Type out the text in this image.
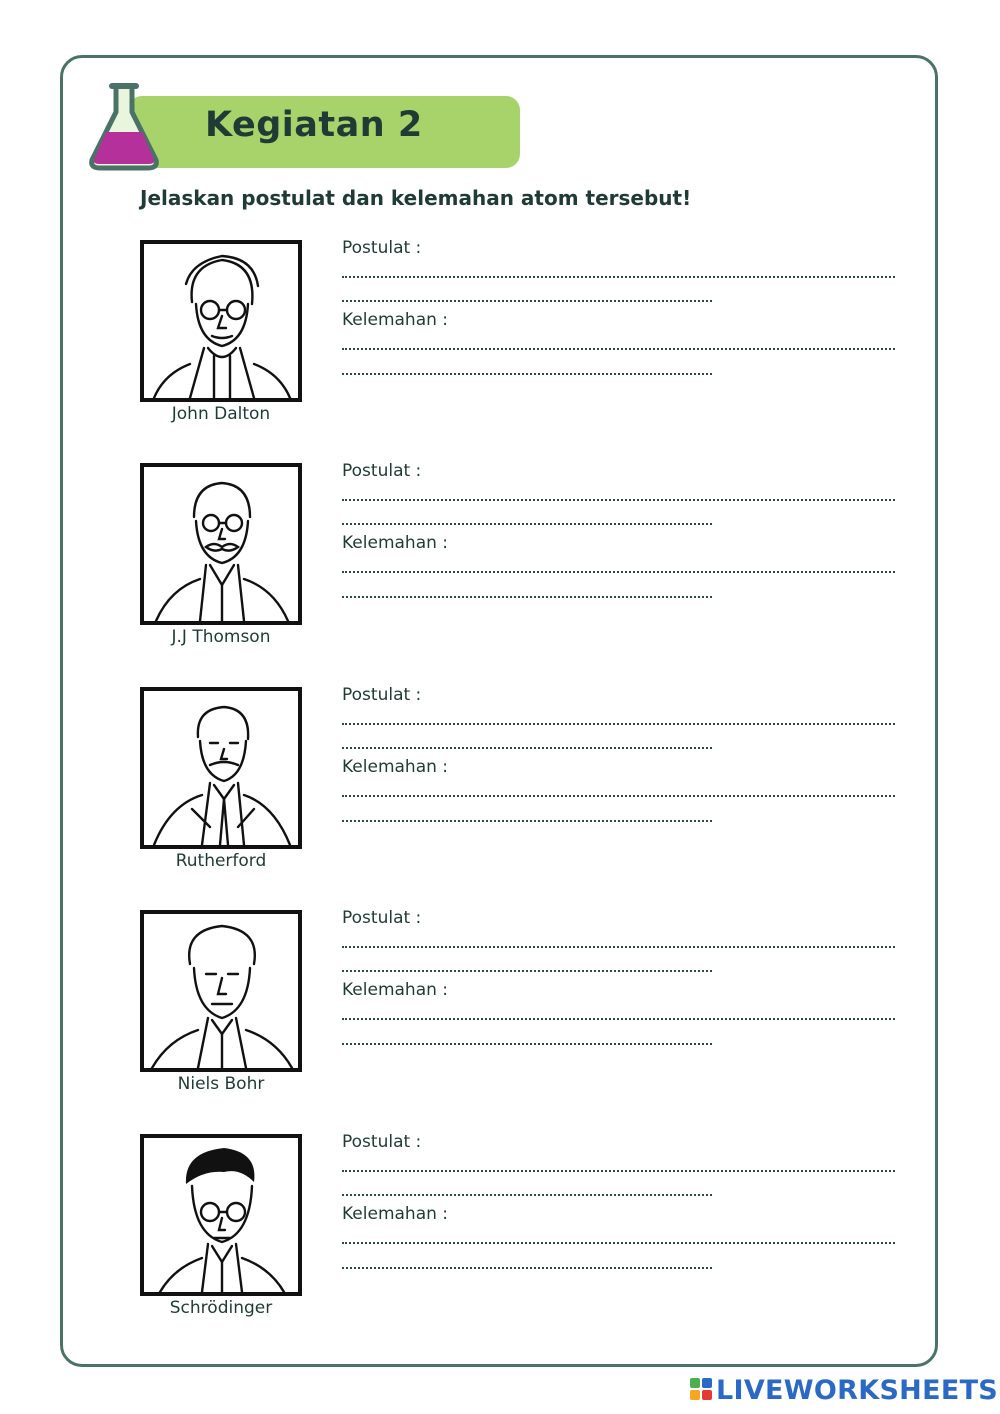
Kegiatan 2
Jelaskan postulat dan kelemahan atom tersebut!
John Dalton
Postulat :
Kelemahan :
J.J Thomson
Postulat :
Kelemahan :
Rutherford
Postulat :
Kelemahan :
Niels Bohr
Postulat :
Kelemahan :
Schrödinger
Postulat :
Kelemahan :
LIVEWORKSHEETS
